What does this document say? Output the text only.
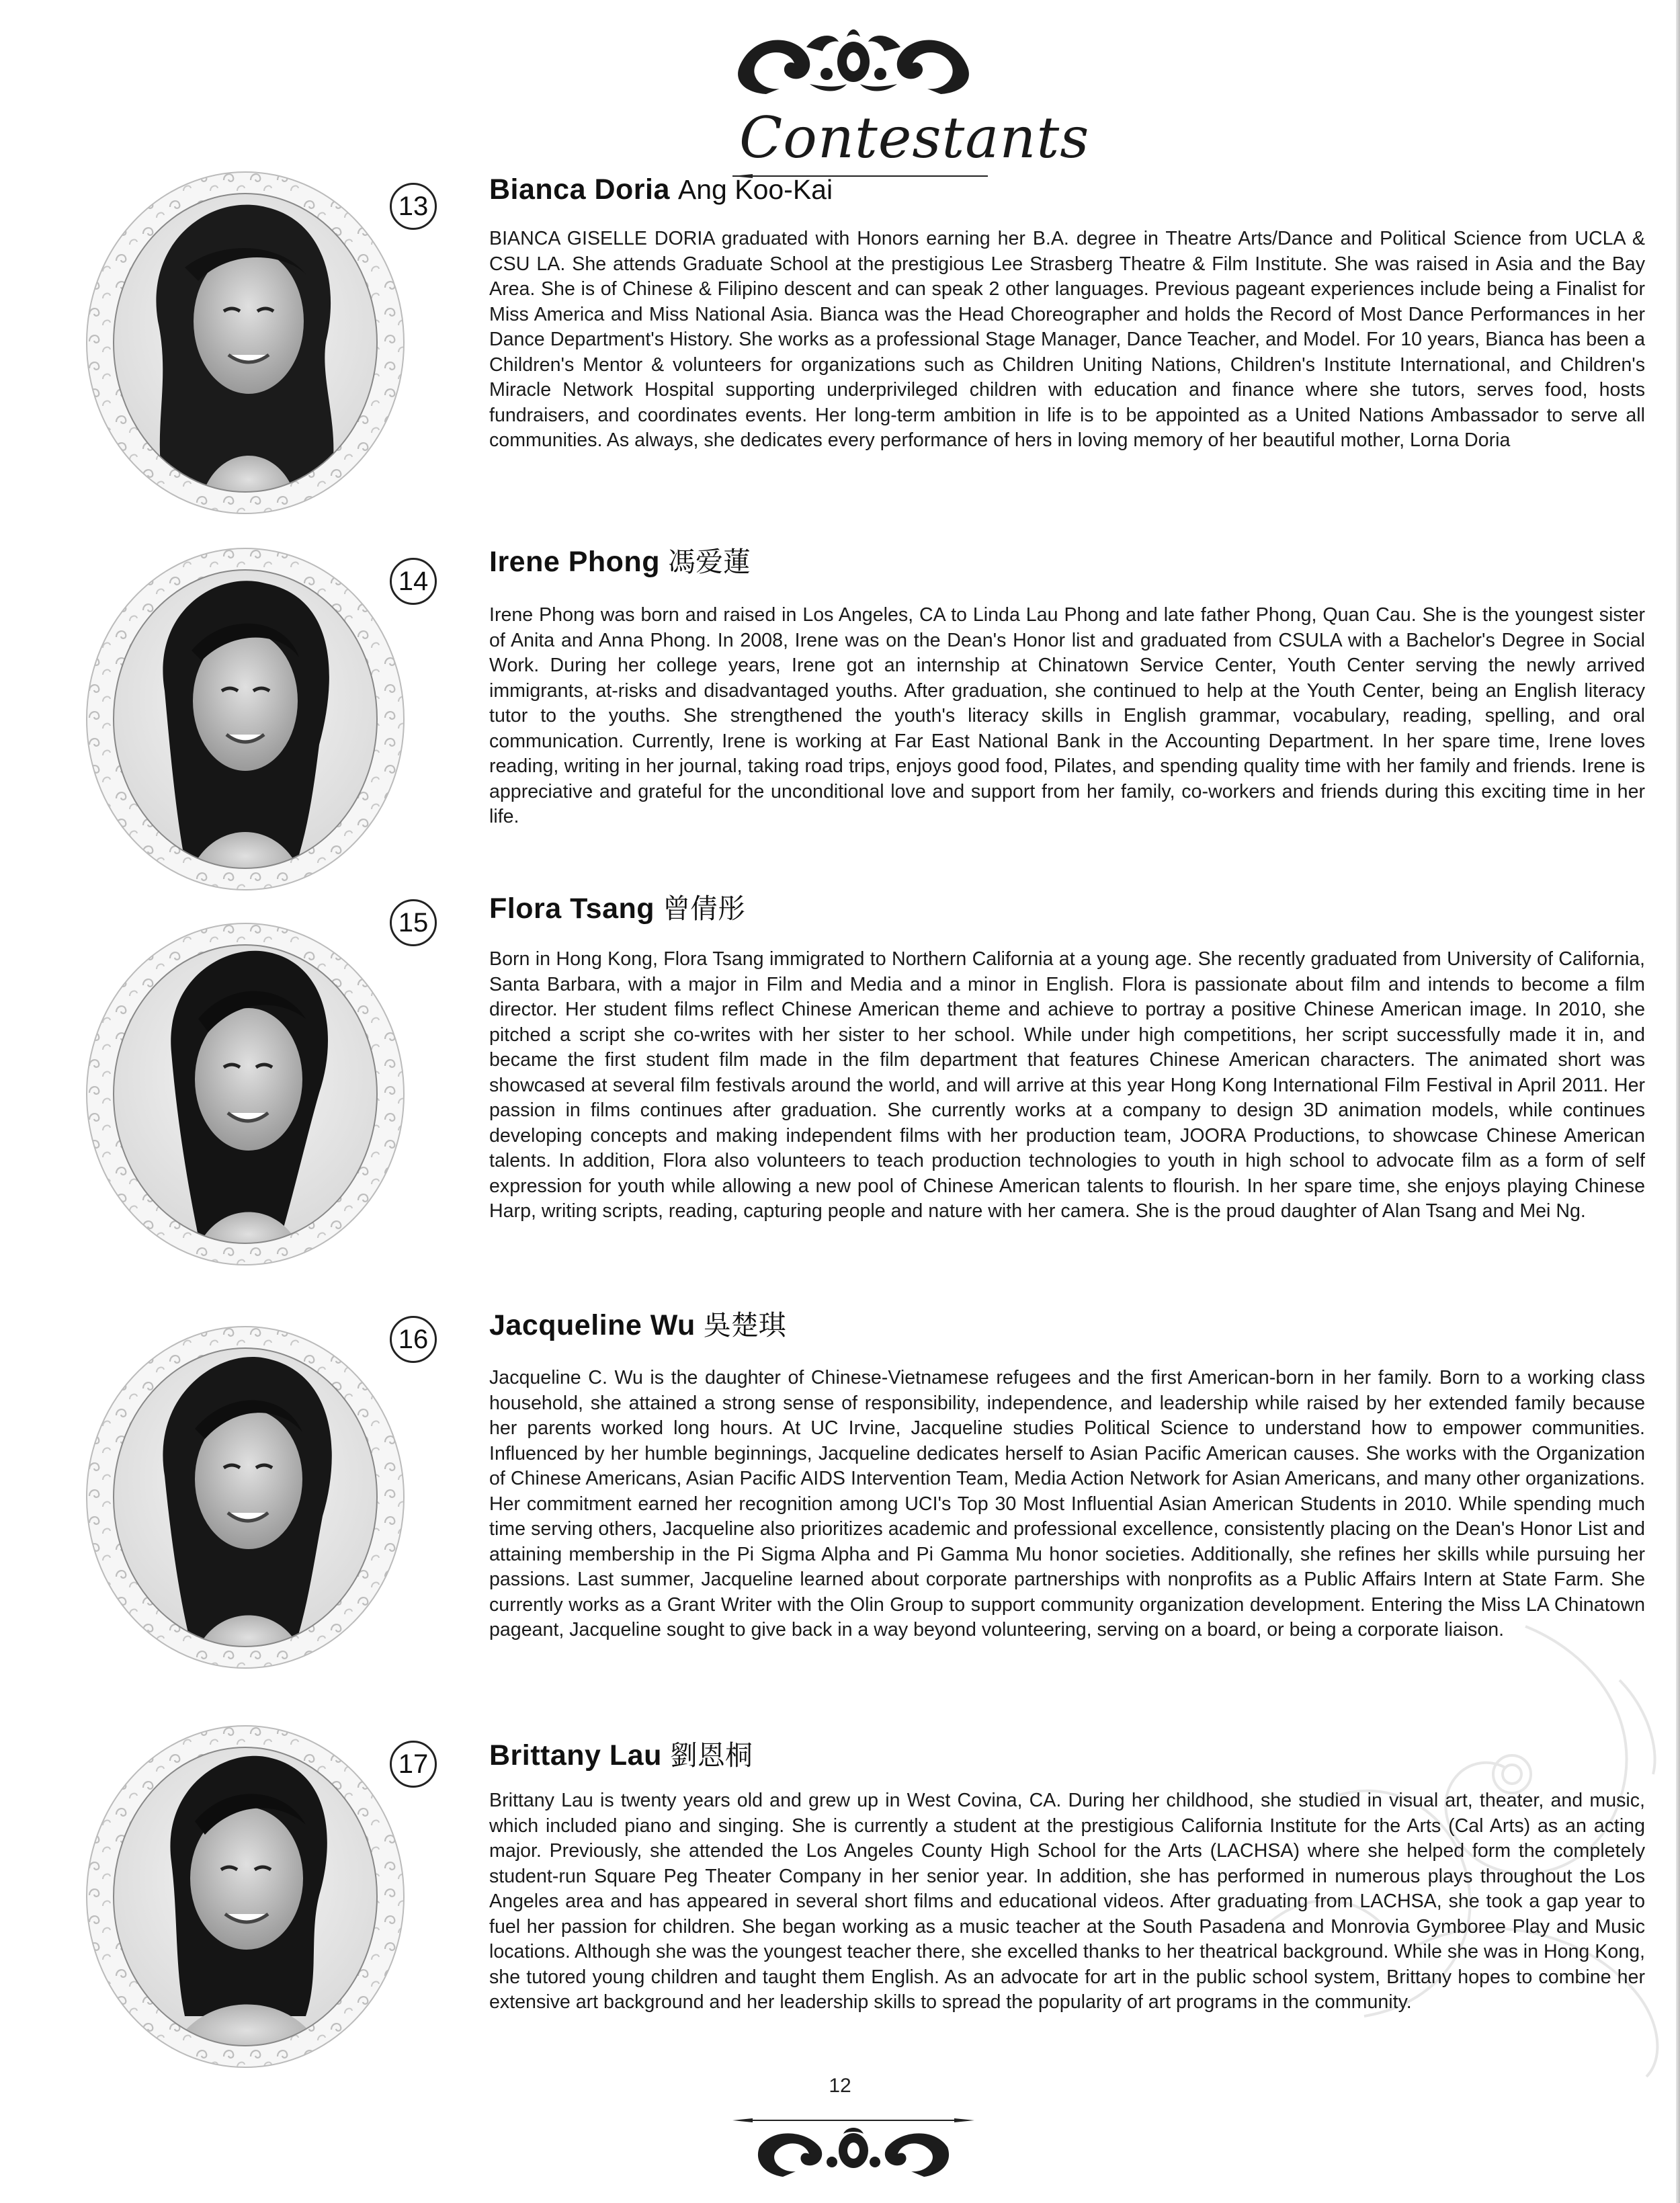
Contestants
13
Bianca Doria Ang Koo-Kai

BIANCA GISELLE DORIA graduated with Honors earning her B.A. degree in Theatre Arts/Dance and Political Science from UCLA & CSU LA. She attends Graduate School at the prestigious Lee Strasberg Theatre & Film Institute. She was raised in Asia and the Bay Area. She is of Chinese & Filipino descent and can speak 2 other languages. Previous pageant experiences include being a Finalist for Miss America and Miss National Asia. Bianca was the Head Choreographer and holds the Record of Most Dance Performances in her Dance Department's History. She works as a professional Stage Manager, Dance Teacher, and Model. For 10 years, Bianca has been a Children's Mentor & volunteers for organizations such as Children Uniting Nations, Children's Institute International, and Children's Miracle Network Hospital supporting underprivileged children with education and finance where she tutors, serves food, hosts fundraisers, and coordinates events. Her long-term ambition in life is to be appointed as a United Nations Ambassador to serve all communities. As always, she dedicates every performance of hers in loving memory of her beautiful mother, Lorna Doria

14
Irene Phong 馮爱蓮

Irene Phong was born and raised in Los Angeles, CA to Linda Lau Phong and late father Phong, Quan Cau. She is the youngest sister of Anita and Anna Phong. In 2008, Irene was on the Dean's Honor list and graduated from CSULA with a Bachelor's Degree in Social Work. During her college years, Irene got an internship at Chinatown Service Center, Youth Center serving the newly arrived immigrants, at-risks and disadvantaged youths. After graduation, she continued to help at the Youth Center, being an English literacy tutor to the youths. She strengthened the youth's literacy skills in English grammar, vocabulary, reading, spelling, and oral communication. Currently, Irene is working at Far East National Bank in the Accounting Department. In her spare time, Irene loves reading, writing in her journal, taking road trips, enjoys good food, Pilates, and spending quality time with her family and friends. Irene is appreciative and grateful for the unconditional love and support from her family, co-workers and friends during this exciting time in her life.

15 Flora Tsang 曾倩彤

Born in Hong Kong, Flora Tsang immigrated to Northern California at a young age. She recently graduated from University of California, Santa Barbara, with a major in Film and Media and a minor in English. Flora is passionate about film and intends to become a film director. Her student films reflect Chinese American theme and achieve to portray a positive Chinese American image. In 2010, she pitched a script she co-writes with her sister to her school. While under high competitions, her script successfully made it in, and became the first student film made in the film department that features Chinese American characters. The animated short was showcased at several film festivals around the world, and will arrive at this year Hong Kong International Film Festival in April 2011. Her passion in films continues after graduation. She currently works at a company to design 3D animation models, while continues developing concepts and making independent films with her production team, JOORA Productions, to showcase Chinese American talents. In addition, Flora also volunteers to teach production technologies to youth in high school to advocate film as a form of self expression for youth while allowing a new pool of Chinese American talents to flourish. In her spare time, she enjoys playing Chinese Harp, writing scripts, reading, capturing people and nature with her camera. She is the proud daughter of Alan Tsang and Mei Ng.

16 Jacqueline Wu 吳楚琪

Jacqueline C. Wu is the daughter of Chinese-Vietnamese refugees and the first American-born in her family. Born to a working class household, she attained a strong sense of responsibility, independence, and leadership while raised by her extended family because her parents worked long hours. At UC Irvine, Jacqueline studies Political Science to understand how to empower communities. Influenced by her humble beginnings, Jacqueline dedicates herself to Asian Pacific American causes. She works with the Organization of Chinese Americans, Asian Pacific AIDS Intervention Team, Media Action Network for Asian Americans, and many other organizations. Her commitment earned her recognition among UCI's Top 30 Most Influential Asian American Students in 2010. While spending much time serving others, Jacqueline also prioritizes academic and professional excellence, consistently placing on the Dean's Honor List and attaining membership in the Pi Sigma Alpha and Pi Gamma Mu honor societies. Additionally, she refines her skills while pursuing her passions. Last summer, Jacqueline learned about corporate partnerships with nonprofits as a Public Affairs Intern at State Farm. She currently works as a Grant Writer with the Olin Group to support community organization development. Entering the Miss LA Chinatown pageant, Jacqueline sought to give back in a way beyond volunteering, serving on a board, or being a corporate liaison.

17 Brittany Lau 劉恩桐

Brittany Lau is twenty years old and grew up in West Covina, CA. During her childhood, she studied in visual art, theater, and music, which included piano and singing. She is currently a student at the prestigious California Institute for the Arts (Cal Arts) as an acting major. Previously, she attended the Los Angeles County High School for the Arts (LACHSA) where she helped form the completely student-run Square Peg Theater Company in her senior year. In addition, she has performed in numerous plays throughout the Los Angeles area and has appeared in several short films and educational videos. After graduating from LACHSA, she took a gap year to fuel her passion for children. She began working as a music teacher at the South Pasadena and Monrovia Gymboree Play and Music locations. Although she was the youngest teacher there, she excelled thanks to her theatrical background. While she was in Hong Kong, she tutored young children and taught them English. As an advocate for art in the public school system, Brittany hopes to combine her extensive art background and her leadership skills to spread the popularity of art programs in the community.

12
